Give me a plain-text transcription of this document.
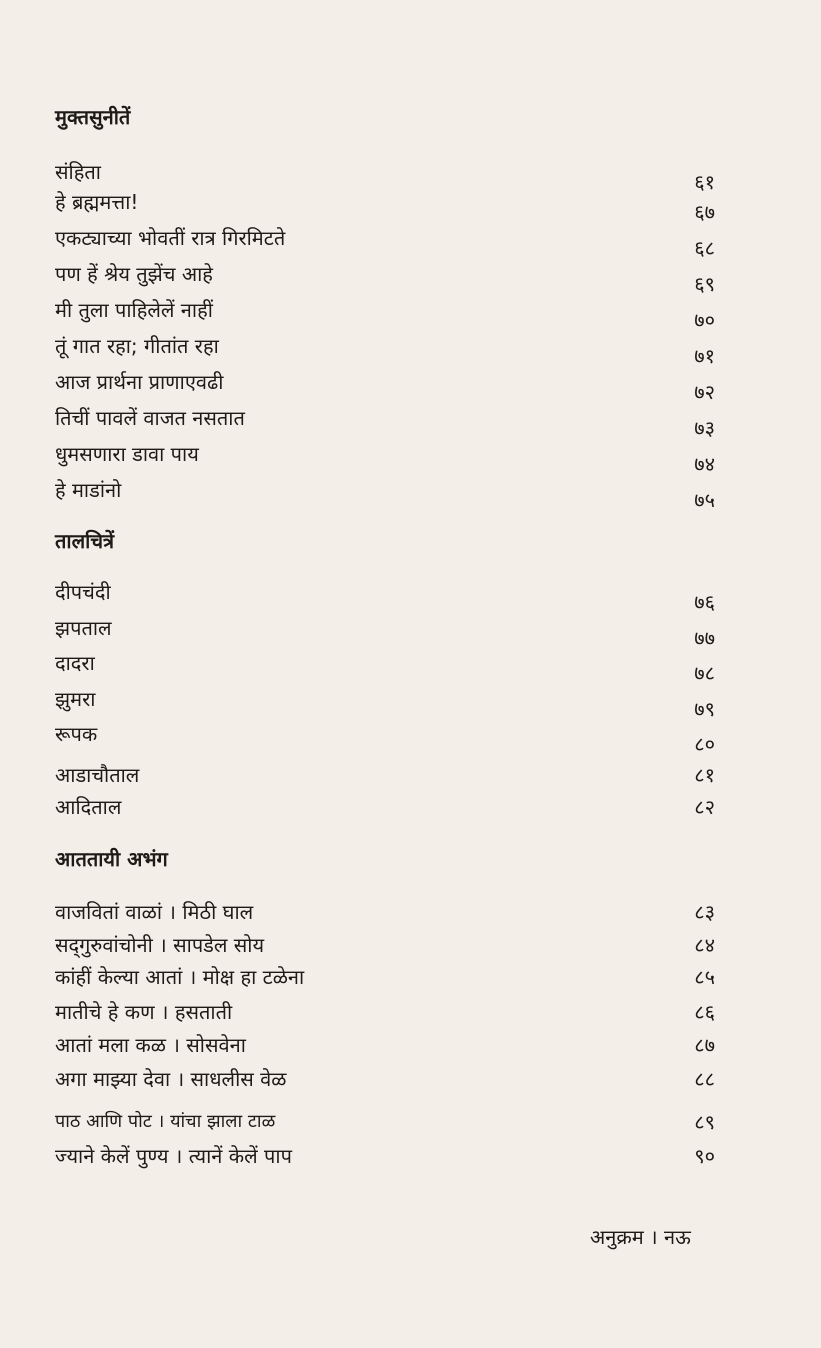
मुक्तसुनीतें
संहिता	६१
हे ब्रह्ममत्ता!	६७
एकट्याच्या भोवतीं रात्र गिरमिटते	६८
पण हें श्रेय तुझेंच आहे	६९
मी तुला पाहिलेलें नाहीं	७०
तूं गात रहा; गीतांत रहा	७१
आज प्रार्थना प्राणाएवढी	७२
तिचीं पावलें वाजत नसतात	७३
धुमसणारा डावा पाय	७४
हे माडांनो	७५
तालचित्रें
दीपचंदी	७६
झपताल	७७
दादरा	७८
झुमरा	७९
रूपक	८०
आडाचौताल	८१
आदिताल	८२
आततायी अभंग
वाजवितां वाळां । मिठी घाल	८३
सद्‌गुरुवांचोनी । सापडेल सोय	८४
कांहीं केल्या आतां । मोक्ष हा टळेना	८५
मातीचे हे कण । हसताती	८६
आतां मला कळ । सोसवेना	८७
अगा माझ्या देवा । साधलीस वेळ	८८
पाठ आणि पोट । यांचा झाला टाळ	८९
ज्याने केलें पुण्य । त्यानें केलें पाप	९०
अनुक्रम । नऊ
